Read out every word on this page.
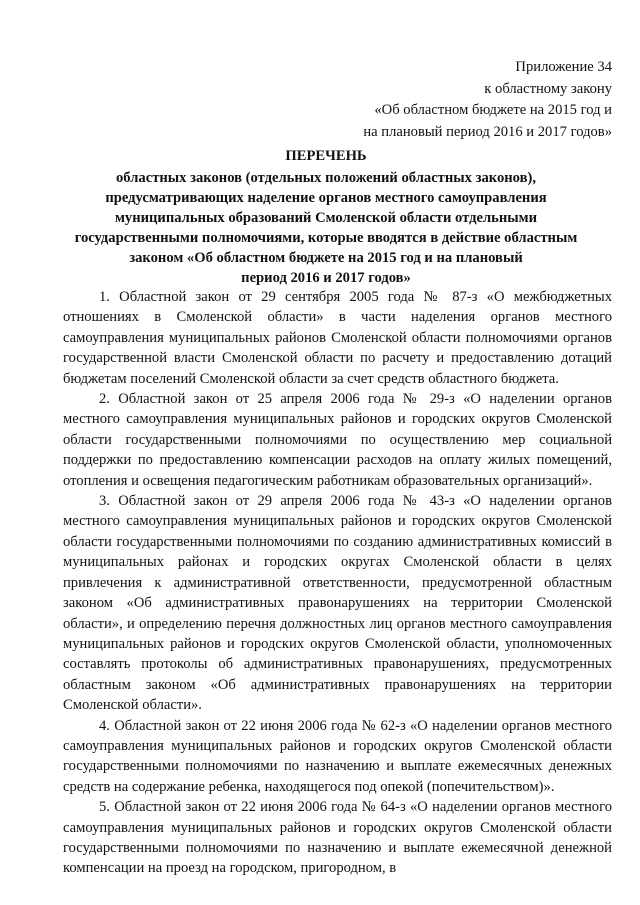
Приложение 34
к областному закону
«Об областном бюджете на 2015 год и
на плановый период 2016 и 2017 годов»
ПЕРЕЧЕНЬ
областных законов (отдельных положений областных законов),
предусматривающих наделение органов местного самоуправления
муниципальных образований Смоленской области отдельными
государственными полномочиями, которые вводятся в действие областным
законом «Об областном бюджете на 2015 год и на плановый
период 2016 и 2017 годов»

1. Областной закон от 29 сентября 2005 года № 87-з «О межбюджетных отношениях в Смоленской области» в части наделения органов местного самоуправления муниципальных районов Смоленской области полномочиями органов государственной власти Смоленской области по расчету и предоставлению дотаций бюджетам поселений Смоленской области за счет средств областного бюджета.

2. Областной закон от 25 апреля 2006 года № 29-з «О наделении органов местного самоуправления муниципальных районов и городских округов Смоленской области государственными полномочиями по осуществлению мер социальной поддержки по предоставлению компенсации расходов на оплату жилых помещений, отопления и освещения педагогическим работникам образовательных организаций».

3. Областной закон от 29 апреля 2006 года № 43-з «О наделении органов местного самоуправления муниципальных районов и городских округов Смоленской области государственными полномочиями по созданию административных комиссий в муниципальных районах и городских округах Смоленской области в целях привлечения к административной ответственности, предусмотренной областным законом «Об административных правонарушениях на территории Смоленской области», и определению перечня должностных лиц органов местного самоуправления муниципальных районов и городских округов Смоленской области, уполномоченных составлять протоколы об административных правонарушениях, предусмотренных областным законом «Об административных правонарушениях на территории Смоленской области».

4. Областной закон от 22 июня 2006 года № 62-з «О наделении органов местного самоуправления муниципальных районов и городских округов Смоленской области государственными полномочиями по назначению и выплате ежемесячных денежных средств на содержание ребенка, находящегося под опекой (попечительством)».

5. Областной закон от 22 июня 2006 года № 64-з «О наделении органов местного самоуправления муниципальных районов и городских округов Смоленской области государственными полномочиями по назначению и выплате ежемесячной денежной компенсации на проезд на городском, пригородном, в
